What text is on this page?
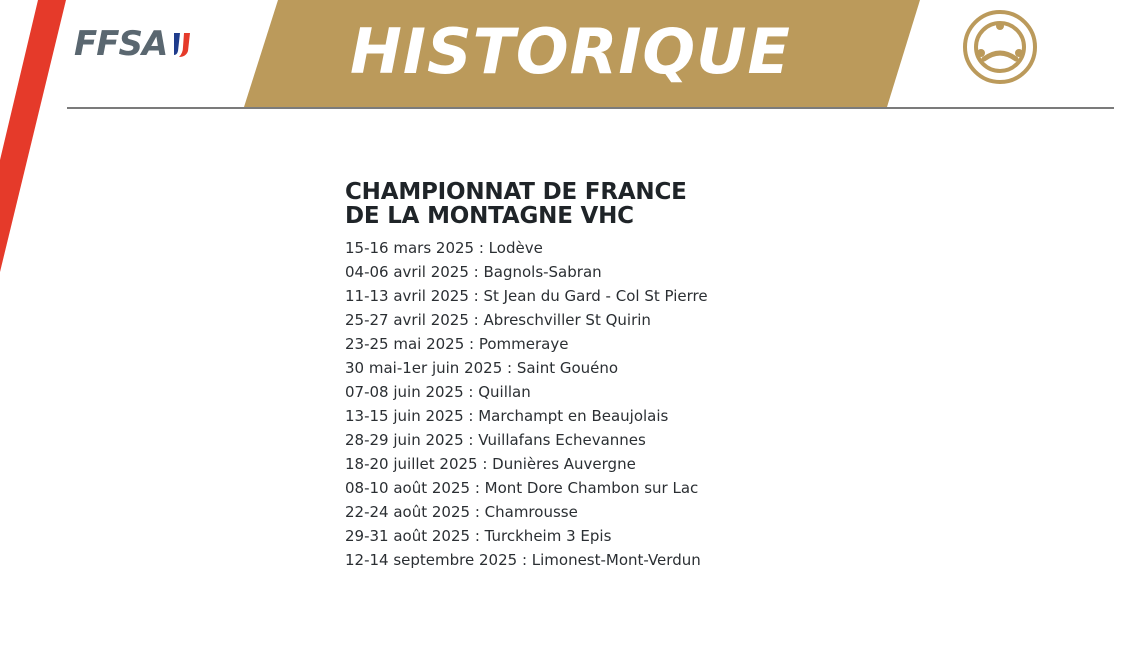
FFSA	HISTORIQUE
CHAMPIONNAT DE FRANCE
DE LA MONTAGNE VHC
15-16 mars 2025 : Lodève
04-06 avril 2025 : Bagnols-Sabran
11-13 avril 2025 : St Jean du Gard - Col St Pierre
25-27 avril 2025 : Abreschviller St Quirin
23-25 mai 2025 : Pommeraye
30 mai-1er juin 2025 : Saint Gouéno
07-08 juin 2025 : Quillan
13-15 juin 2025 : Marchampt en Beaujolais
28-29 juin 2025 : Vuillafans Echevannes
18-20 juillet 2025 : Dunières Auvergne
08-10 août 2025 : Mont Dore Chambon sur Lac
22-24 août 2025 : Chamrousse
29-31 août 2025 : Turckheim 3 Epis
12-14 septembre 2025 : Limonest-Mont-Verdun
